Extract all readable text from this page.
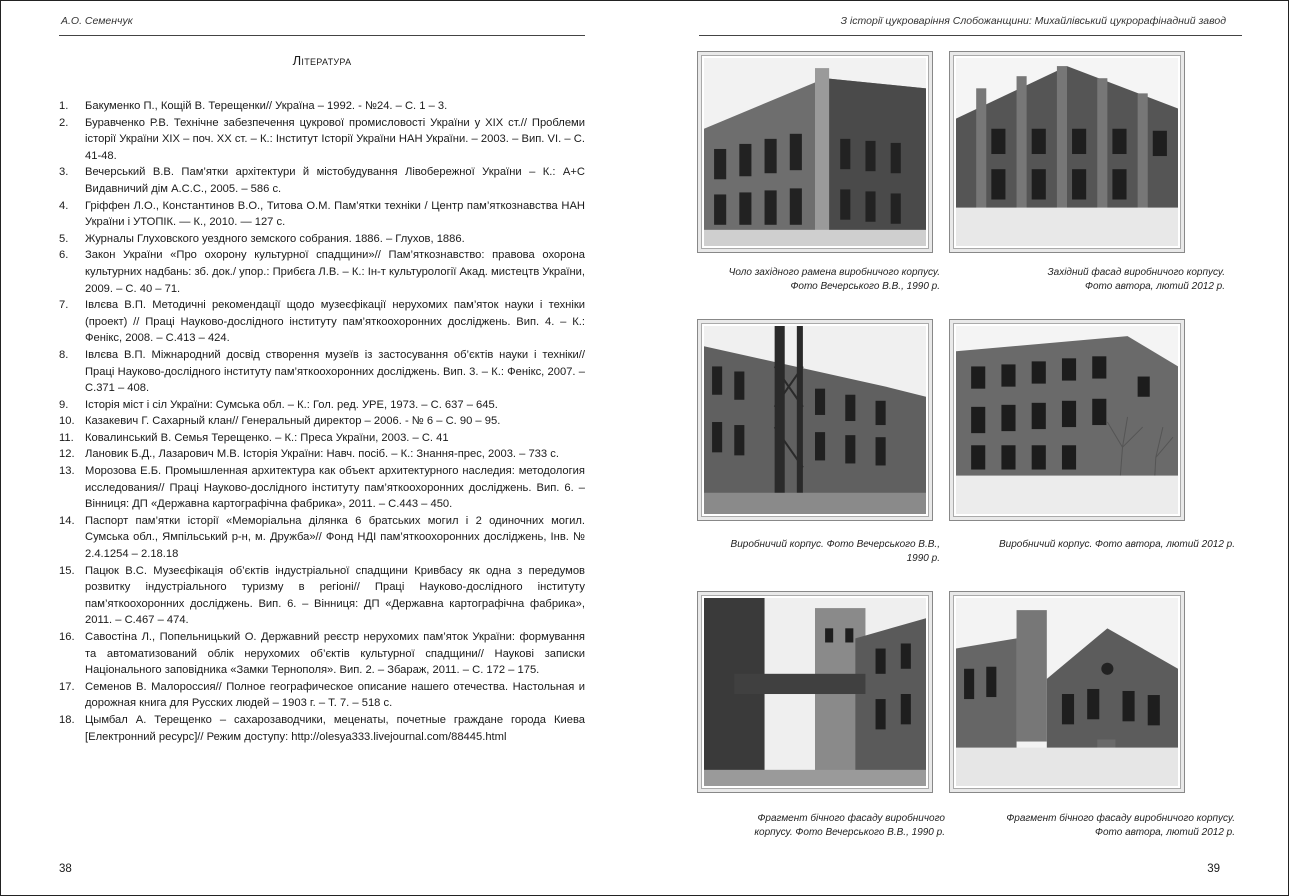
А.О. Семенчук
Література
1.	Бакуменко П., Кощій В. Терещенки// Україна – 1992. - №24. – С. 1 – 3.
2.	Буравченко Р.В. Технічне забезпечення цукрової промисловості України у XIX ст.// Проблеми історії України XIX – поч. ХХ ст. – К.: Інститут Історії України НАН України. – 2003. – Вип. VI. – С. 41-48.
3.	Вечерський В.В. Пам’ятки архітектури й містобудування Лівобережної України – К.: А+С Видавничий дім А.С.С., 2005. – 586 с.
4.	Гріффен Л.О., Константинов В.О., Титова О.М. Пам’ятки техніки / Центр пам’яткознавства НАН України і УТОПІК. — К., 2010. — 127 с.
5.	Журналы Глуховского уездного земского собрания. 1886. – Глухов, 1886.
6.	Закон України «Про охорону культурної спадщини»// Пам’яткознавство: правова охорона культурних надбань: зб. док./ упор.: Прибєга Л.В. – К.: Ін-т культурології Акад. мистецтв України, 2009. – С. 40 – 71.
7.	Івлєва В.П. Методичні рекомендації щодо музеєфікації нерухомих пам’яток науки і техніки (проект) // Праці Науково-дослідного інституту пам’яткоохоронних досліджень. Вип. 4. – К.: Фенікс, 2008. – С.413 – 424.
8.	Івлєва В.П. Міжнародний досвід створення музеїв із застосування об’єктів науки і техніки// Праці Науково-дослідного інституту пам’яткоохоронних досліджень. Вип. 3. – К.: Фенікс, 2007. – С.371 – 408.
9.	Історія міст і сіл України: Сумська обл. – К.: Гол. ред. УРЕ, 1973. – С. 637 – 645.
10. Казакевич Г. Сахарный клан// Генеральный директор – 2006. - № 6 – С. 90 – 95.
11.	Ковалинський В. Семья Терещенко. – К.: Преса України, 2003. – С. 41
12. Лановик Б.Д., Лазарович М.В. Історія України: Навч. посіб. – К.: Знання-прес, 2003. – 733 с.
13. Морозова Е.Б. Промышленная архитектура как объект архитектурного наследия: методология исследования// Праці Науково-дослідного інституту пам’яткоохоронних досліджень. Вип. 6. – Вінниця: ДП «Державна картографічна фабрика», 2011. – С.443 – 450.
14. Паспорт пам’ятки історії «Меморіальна ділянка 6 братських могил і 2 одиночних могил. Сумська обл., Ямпільський р-н, м. Дружба»// Фонд НДІ пам’яткоохоронних досліджень, Інв. № 2.4.1254 – 2.18.18
15. Пацюк В.С. Музеєфікація об’єктів індустріальної спадщини Кривбасу як одна з передумов розвитку індустріального туризму в регіоні// Праці Науково-дослідного інституту пам’яткоохоронних досліджень. Вип. 6. – Вінниця: ДП «Державна картографічна фабрика», 2011. – С.467 – 474.
16. Савостіна Л., Попельницький О. Державний реєстр нерухомих пам’яток України: формування та автоматизований облік нерухомих об’єктів культурної спадщини// Наукові записки Національного заповідника «Замки Тернополя». Вип. 2. – Збараж, 2011. – С. 172 – 175.
17. Семенов В. Малороссия// Полное географическое описание нашего отечества. Настольная и дорожная книга для Русских людей – 1903 г. – Т. 7. – 518 с.
18. Цымбал А. Терещенко – сахарозаводчики, меценаты, почетные граждане города Киева [Електронний ресурс]// Режим доступу: http://olesya333.livejournal.com/88445.html
38
З історії цукроваріння Слобожанщини: Михайлівський цукрорафінадний завод
Чоло західного рамена виробничого корпусу.
Фото Вечерського В.В., 1990 р.
Західний фасад виробничого корпусу.
Фото автора, лютий 2012 р.
Виробничий корпус. Фото Вечерського В.В.,
1990 р.
Виробничий корпус. Фото автора, лютий 2012 р.
Фрагмент бічного фасаду виробничого
корпусу. Фото Вечерського В.В., 1990 р.
Фрагмент бічного фасаду виробничого корпусу.
Фото автора, лютий 2012 р.
39
